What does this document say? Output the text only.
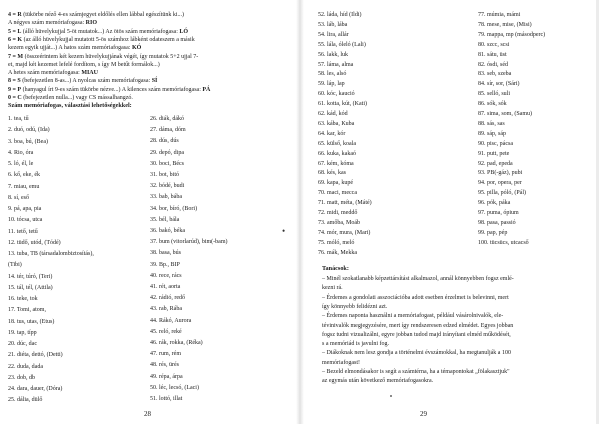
4 = R (tükörbe néző 4-es számjegyet eldőlés ellen lábbal egészítünk ki...)
A négyes szám memóriafogasa: RIO
5 = L (álló hüvelykujjal 5-öt mutatok...) Az ötös szám memóriafogasa: LÓ
6 = K (az álló hüvelykujjal mutatott 5-ös számhoz lábként odateszem a másik
kezem egyik ujját...) A hatos szám memóriafogasa: KÓ
7 = M (összeérintem két kezem hüvelykujjának végét, így mutatok 5+2 ujjal 7-
et, majd két kezemet lefelé fordítom, s így M betűt formálok...)
A hetes szám memóriafogasa: MIAU
8 = S (befejezetlen 8-as...) A nyolcas szám memóriafogasa: SÍ
9 = P (hanyagul írt 9-es szám tükörbe nézve...) A kilences szám memóriafogasa: PÁ
0 = C (befejezetlen nulla...) vagy CS mássalhangzó.
Szám memóriafogas, választási lehetőségekkel:
1. tea, tű
2. duó, odú, (Ida)
3. boa, bú, (Bea)
4. Rio, óra
5. ló, él, le
6. kő, eke, ék
7. miau, emu
8. sí, eső
9. pá, apa, pia
10. tócsa, utca
11. tető, tetű
12. tüdő, utód, (Tódé)
13. tuba, TB (társadalombiztosítás),
(Tibi)
14. tér, túró, (Teri)
15. tál, tél, (Attila)
16. teke, tok
17. Tomi, atom,
18. tus, utas, (Etus)
19. tap, típp
20. dúc, dac
21. diéta, dettó, (Detti)
22. duda, dada
23. dob, db
24. dara, dauer, (Dóra)
25. dália, dülő
26. diák, dákó
27. dáma, dóm
28. dús, dús
29. depó, dipa
30. boci, Bécs
31. bot, bitó
32. bódé, budi
33. bab, bába
34. bor, bíró, (Bori)
35. bél, bála
36. bakó, béka
37. bum (vitorlarúd), bim(-bam)
38. basa, bús
39. Bp., BIP
40. rece, rács
41. rét, aorta
42. rádió, redő
43. rab, Rába
44. Rákó, Aurora
45. reló, reké
46. rák, rokka, (Réka)
47. rum, rém
48. rés, ürés
49. répa, árpa
50. léc, lecsó, (Laci)
51. lottó, illat
•
28
52. láda, híd (Ildi)
53. láb, lába
54. lira, allár
55. lála, óleló (Lali)
56. lakk, luk
57. láma, alma
58. les, alsó
59. láp, lap
60. kóc, kaució
61. kotta, kút, (Kati)
62. kád, kód
63. kába, Kuba
64. kar, kór
65. külső, koala
66. kuka, kakaó
67. kém, kóma
68. kés, kas
69. kapa, kupé
70. maci, mecca
71. matt, méta, (Máté)
72. midi, meddő
73. amőba, Moáb
74. mór, mura, (Mari)
75. móló, meló
76. mák, Mekka
77. múmia, mámi
78. mese, mise, (Misi)
79. mappa, mp (másodperc)
80. szcc, scsi
81. sátu, üst
82. ósdi, séd
83. seb, szeba
84. sír, sor, (Sári)
85. selló, suli
86. sók, sók
87. sima, som, (Samu)
88. sás, sas
89. sáp, sáp
90. pisc, pácsa
91. putt, pete
92. pad, epeda
93. PB(-gáz), pubi
94. por, opera, per
95. pilla, póló, (Pál)
96. pók, páka
97. puma, ópium
98. pasa, passió
99. pap, pép
100. tücsücs, utcacső
Tanácsok:
– Minél szokatlanabb képzettársítást alkalmazol, annál könnyebben fogsz emlé-
kezni rá.
– Érdemes a gondolati asszociációba adott esetben érzelmet is belevinni, mert
így könnyebb felidézni azt.
– Érdemes naponta használni a memóriafogast, például vásárolnivalók, ele-
tévinivalók megjegyzésére, mert így rendszeresen edzed elmédet. Egyes jobban
fogsz tudni vizualizálni, egyre jobban tudod majd irányítani elméd működését,
s a memóriád is javulni fog.
– Diákoknak nem lesz gondja a történelmi évszámokkal, ha megtanulják a 100
memóriafogast!
– Bezeld elmondásakor is segít a számtérna, ha a témapontokat „fölakasztjuk"
az egymás után következő memóriafogasokra.
29
